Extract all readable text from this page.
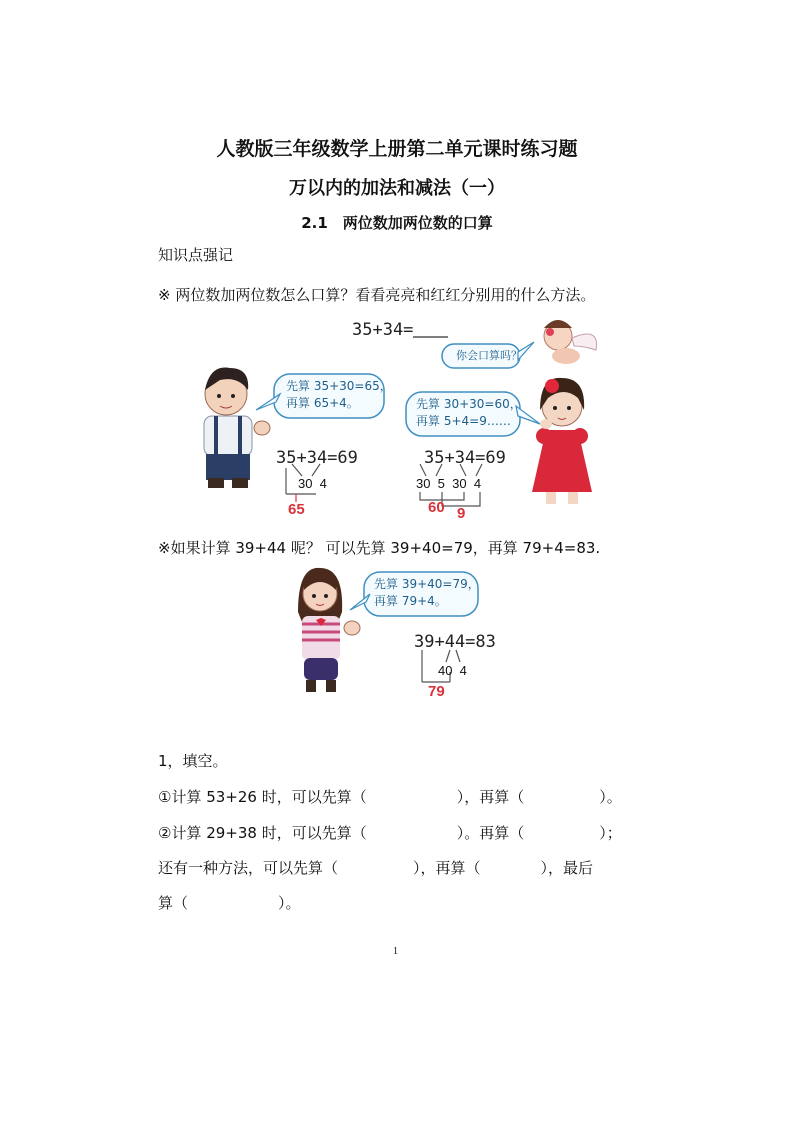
人教版三年级数学上册第二单元课时练习题
万以内的加法和减法（一）
2.1　两位数加两位数的口算
知识点强记
※ 两位数加两位数怎么口算？看看亮亮和红红分别用的什么方法。
35+34=
你会口算吗？
先算 35+30=65，
再算 65+4。	先算 30+30=60，
再算 5+4=9……
35+34=69
30  4
65
35+34=69
30  5  30  4
60 9
※如果计算 39+44 呢？ 可以先算 39+40=79，再算 79+4=83.
先算 39+40=79，
再算 79+4。
39+44=83
40  4
79
1，填空。
①计算 53+26 时，可以先算（　　　　　　），再算（　　　　　）。
②计算 29+38 时，可以先算（　　　　　　）。再算（　　　　　）；
还有一种方法，可以先算（　　　　　），再算（　　　　），最后
算（　　　　　　）。
1
